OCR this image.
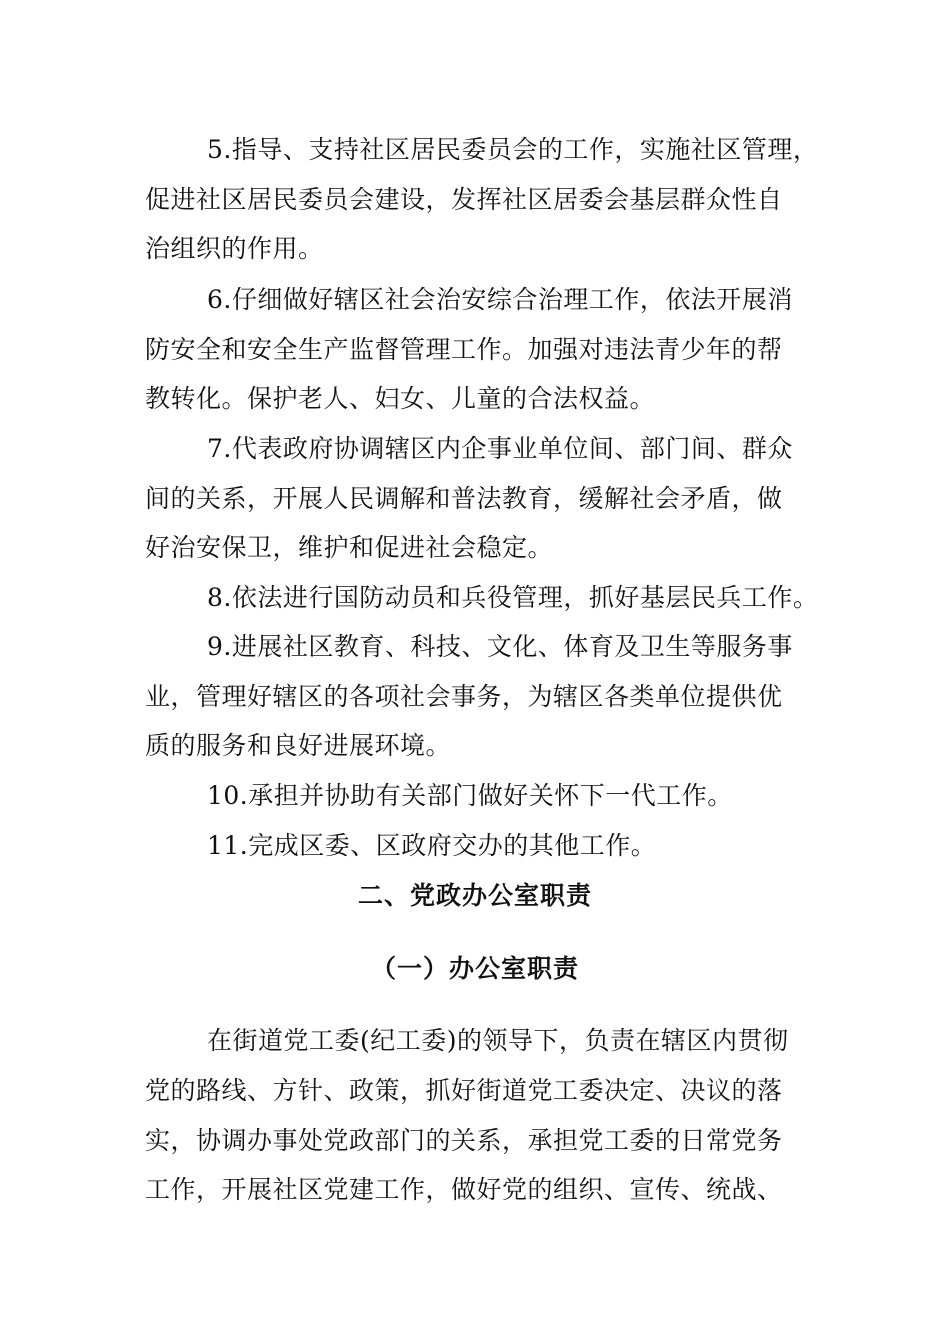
5.指导、支持社区居民委员会的工作，实施社区管理，
促进社区居民委员会建设，发挥社区居委会基层群众性自
治组织的作用。
6.仔细做好辖区社会治安综合治理工作，依法开展消
防安全和安全生产监督管理工作。加强对违法青少年的帮
教转化。保护老人、妇女、儿童的合法权益。
7.代表政府协调辖区内企事业单位间、部门间、群众
间的关系，开展人民调解和普法教育，缓解社会矛盾，做
好治安保卫，维护和促进社会稳定。
8.依法进行国防动员和兵役管理，抓好基层民兵工作。
9.进展社区教育、科技、文化、体育及卫生等服务事
业，管理好辖区的各项社会事务，为辖区各类单位提供优
质的服务和良好进展环境。
10.承担并协助有关部门做好关怀下一代工作。
11.完成区委、区政府交办的其他工作。
二、党政办公室职责
（一）办公室职责
在街道党工委(纪工委)的领导下，负责在辖区内贯彻
党的路线、方针、政策，抓好街道党工委决定、决议的落
实，协调办事处党政部门的关系，承担党工委的日常党务
工作，开展社区党建工作，做好党的组织、宣传、统战、
